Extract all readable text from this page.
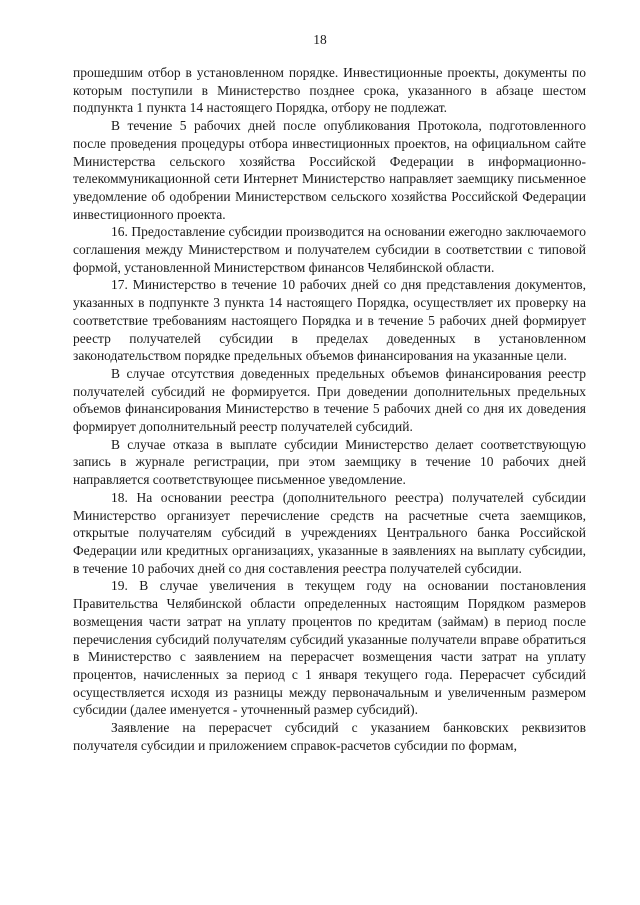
18

прошедшим отбор в установленном порядке. Инвестиционные проекты, документы по которым поступили в Министерство позднее срока, указанного в абзаце шестом подпункта 1 пункта 14 настоящего Порядка, отбору не подлежат.

В течение 5 рабочих дней после опубликования Протокола, подготовленного после проведения процедуры отбора инвестиционных проектов, на официальном сайте Министерства сельского хозяйства Российской Федерации в информационно-телекоммуникационной сети Интернет Министерство направляет заемщику письменное уведомление об одобрении Министерством сельского хозяйства Российской Федерации инвестиционного проекта.

16. Предоставление субсидии производится на основании ежегодно заключаемого соглашения между Министерством и получателем субсидии в соответствии с типовой формой, установленной Министерством финансов Челябинской области.

17. Министерство в течение 10 рабочих дней со дня представления документов, указанных в подпункте 3 пункта 14 настоящего Порядка, осуществляет их проверку на соответствие требованиям настоящего Порядка и в течение 5 рабочих дней формирует реестр получателей субсидии в пределах доведенных в установленном законодательством порядке предельных объемов финансирования на указанные цели.

В случае отсутствия доведенных предельных объемов финансирования реестр получателей субсидий не формируется. При доведении дополнительных предельных объемов финансирования Министерство в течение 5 рабочих дней со дня их доведения формирует дополнительный реестр получателей субсидий.

В случае отказа в выплате субсидии Министерство делает соответствующую запись в журнале регистрации, при этом заемщику в течение 10 рабочих дней направляется соответствующее письменное уведомление.

18. На основании реестра (дополнительного реестра) получателей субсидии Министерство организует перечисление средств на расчетные счета заемщиков, открытые получателям субсидий в учреждениях Центрального банка Российской Федерации или кредитных организациях, указанные в заявлениях на выплату субсидии, в течение 10 рабочих дней со дня составления реестра получателей субсидии.

19. В случае увеличения в текущем году на основании постановления Правительства Челябинской области определенных настоящим Порядком размеров возмещения части затрат на уплату процентов по кредитам (займам) в период после перечисления субсидий получателям субсидий указанные получатели вправе обратиться в Министерство с заявлением на перерасчет возмещения части затрат на уплату процентов, начисленных за период с 1 января текущего года. Перерасчет субсидий осуществляется исходя из разницы между первоначальным и увеличенным размером субсидии (далее именуется - уточненный размер субсидий).

Заявление на перерасчет субсидий с указанием банковских реквизитов получателя субсидии и приложением справок-расчетов субсидии по формам,
